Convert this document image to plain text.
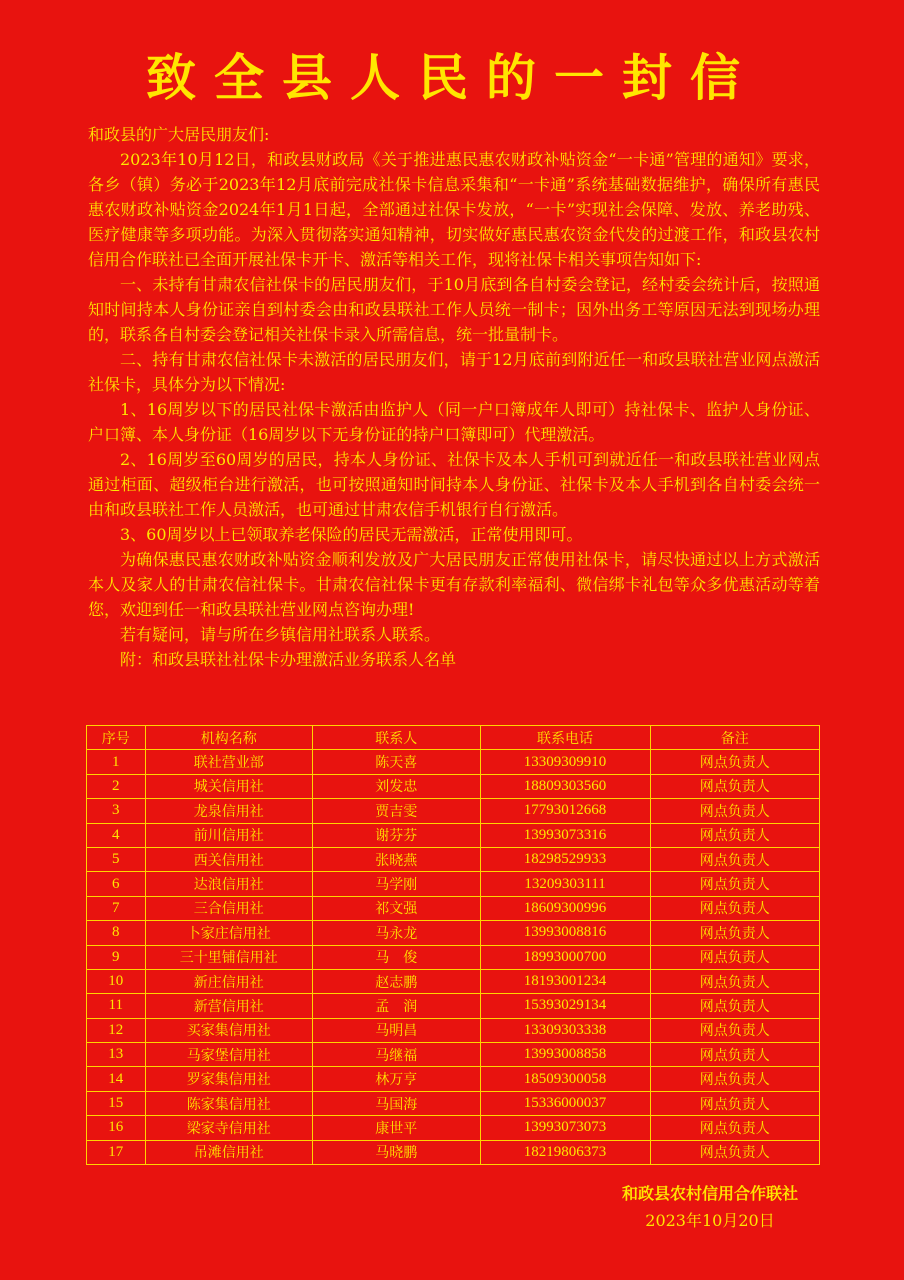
致全县人民的一封信

和政县的广大居民朋友们:

2023年10月12日，和政县财政局《关于推进惠民惠农财政补贴资金“一卡通”管理的通知》要求，各乡（镇）务必于2023年12月底前完成社保卡信息采集和“一卡通”系统基础数据维护，确保所有惠民惠农财政补贴资金2024年1月1日起，全部通过社保卡发放，“一卡”实现社会保障、发放、养老助残、医疗健康等多项功能。为深入贯彻落实通知精神，切实做好惠民惠农资金代发的过渡工作，和政县农村信用合作联社已全面开展社保卡开卡、激活等相关工作，现将社保卡相关事项告知如下:

一、未持有甘肃农信社保卡的居民朋友们，于10月底到各自村委会登记，经村委会统计后，按照通知时间持本人身份证亲自到村委会由和政县联社工作人员统一制卡；因外出务工等原因无法到现场办理的，联系各自村委会登记相关社保卡录入所需信息，统一批量制卡。

二、持有甘肃农信社保卡未激活的居民朋友们，请于12月底前到附近任一和政县联社营业网点激活社保卡，具体分为以下情况:

1、16周岁以下的居民社保卡激活由监护人（同一户口簿成年人即可）持社保卡、监护人身份证、户口簿、本人身份证（16周岁以下无身份证的持户口簿即可）代理激活。

2、16周岁至60周岁的居民，持本人身份证、社保卡及本人手机可到就近任一和政县联社营业网点通过柜面、超级柜台进行激活，也可按照通知时间持本人身份证、社保卡及本人手机到各自村委会统一由和政县联社工作人员激活，也可通过甘肃农信手机银行自行激活。

3、60周岁以上已领取养老保险的居民无需激活，正常使用即可。

为确保惠民惠农财政补贴资金顺利发放及广大居民朋友正常使用社保卡，请尽快通过以上方式激活本人及家人的甘肃农信社保卡。甘肃农信社保卡更有存款利率福利、微信绑卡礼包等众多优惠活动等着您，欢迎到任一和政县联社营业网点咨询办理!

若有疑问，请与所在乡镇信用社联系人联系。

附：和政县联社社保卡办理激活业务联系人名单

序号	机构名称	联系人	联系电话	备注
1	联社营业部	陈天喜	13309309910	网点负责人
2	城关信用社	刘发忠	18809303560	网点负责人
3	龙泉信用社	贾吉雯	17793012668	网点负责人
4	前川信用社	谢芬芬	13993073316	网点负责人
5	西关信用社	张晓燕	18298529933	网点负责人
6	达浪信用社	马学刚	13209303111	网点负责人
7	三合信用社	祁文强	18609300996	网点负责人
8	卜家庄信用社	马永龙	13993008816	网点负责人
9	三十里铺信用社	马　俊	18993000700	网点负责人
10	新庄信用社	赵志鹏	18193001234	网点负责人
11	新营信用社	孟　润	15393029134	网点负责人
12	买家集信用社	马明昌	13309303338	网点负责人
13	马家堡信用社	马继福	13993008858	网点负责人
14	罗家集信用社	林万亨	18509300058	网点负责人
15	陈家集信用社	马国海	15336000037	网点负责人
16	梁家寺信用社	康世平	13993073073	网点负责人
17	吊滩信用社	马晓鹏	18219806373	网点负责人
和政县农村信用合作联社
2023年10月20日
